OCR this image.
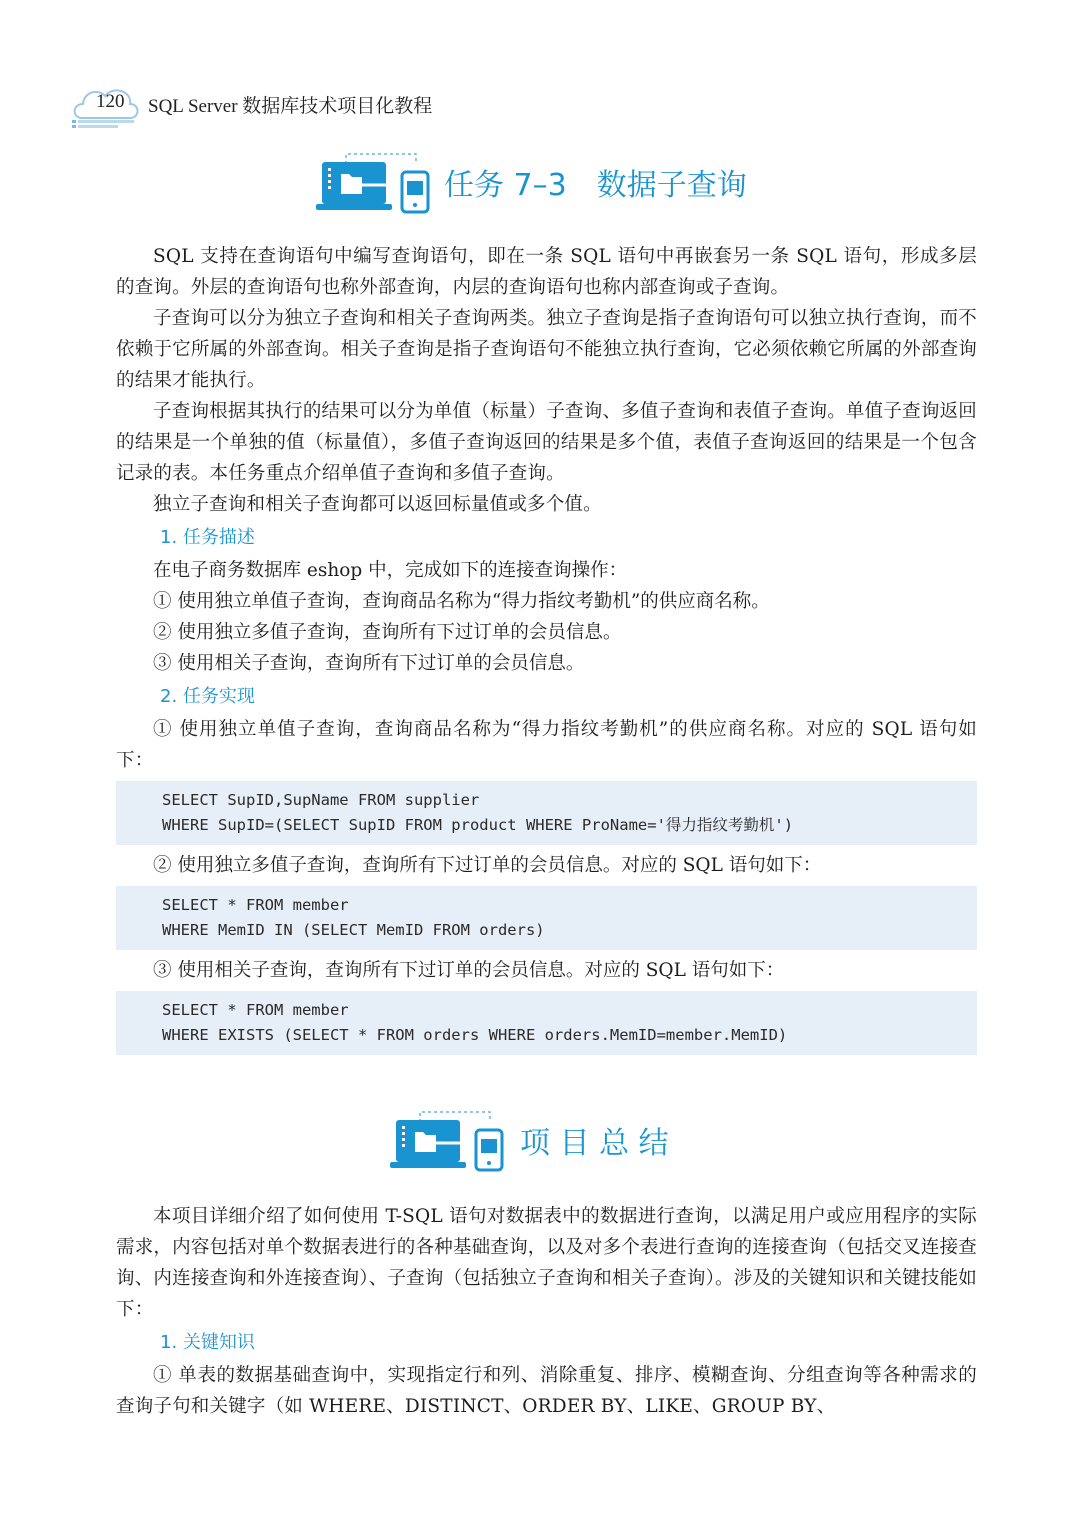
120 SQL Server 数据库技术项目化教程
任务 7–3　数据子查询

SQL 支持在查询语句中编写查询语句，即在一条 SQL 语句中再嵌套另一条 SQL 语句，形成多层的查询。外层的查询语句也称外部查询，内层的查询语句也称内部查询或子查询。

子查询可以分为独立子查询和相关子查询两类。独立子查询是指子查询语句可以独立执行查询，而不依赖于它所属的外部查询。相关子查询是指子查询语句不能独立执行查询，它必须依赖它所属的外部查询的结果才能执行。

子查询根据其执行的结果可以分为单值（标量）子查询、多值子查询和表值子查询。单值子查询返回的结果是一个单独的值（标量值），多值子查询返回的结果是多个值，表值子查询返回的结果是一个包含记录的表。本任务重点介绍单值子查询和多值子查询。

独立子查询和相关子查询都可以返回标量值或多个值。

1. 任务描述

在电子商务数据库 eshop 中，完成如下的连接查询操作：

① 使用独立单值子查询，查询商品名称为“得力指纹考勤机”的供应商名称。

② 使用独立多值子查询，查询所有下过订单的会员信息。

③ 使用相关子查询，查询所有下过订单的会员信息。

2. 任务实现

① 使用独立单值子查询，查询商品名称为“得力指纹考勤机”的供应商名称。对应的 SQL 语句如下：

SELECT SupID,SupName FROM supplier
WHERE SupID=(SELECT SupID FROM product WHERE ProName='得力指纹考勤机')

② 使用独立多值子查询，查询所有下过订单的会员信息。对应的 SQL 语句如下：

SELECT * FROM member
WHERE MemID IN (SELECT MemID FROM orders)

③ 使用相关子查询，查询所有下过订单的会员信息。对应的 SQL 语句如下：

SELECT * FROM member
WHERE EXISTS (SELECT * FROM orders WHERE orders.MemID=member.MemID)
项 目 总 结

本项目详细介绍了如何使用 T-SQL 语句对数据表中的数据进行查询，以满足用户或应用程序的实际需求，内容包括对单个数据表进行的各种基础查询，以及对多个表进行查询的连接查询（包括交叉连接查询、内连接查询和外连接查询）、子查询（包括独立子查询和相关子查询）。涉及的关键知识和关键技能如下：

1. 关键知识

① 单表的数据基础查询中，实现指定行和列、消除重复、排序、模糊查询、分组查询等各种需求的查询子句和关键字（如 WHERE、DISTINCT、ORDER BY、LIKE、GROUP BY、
